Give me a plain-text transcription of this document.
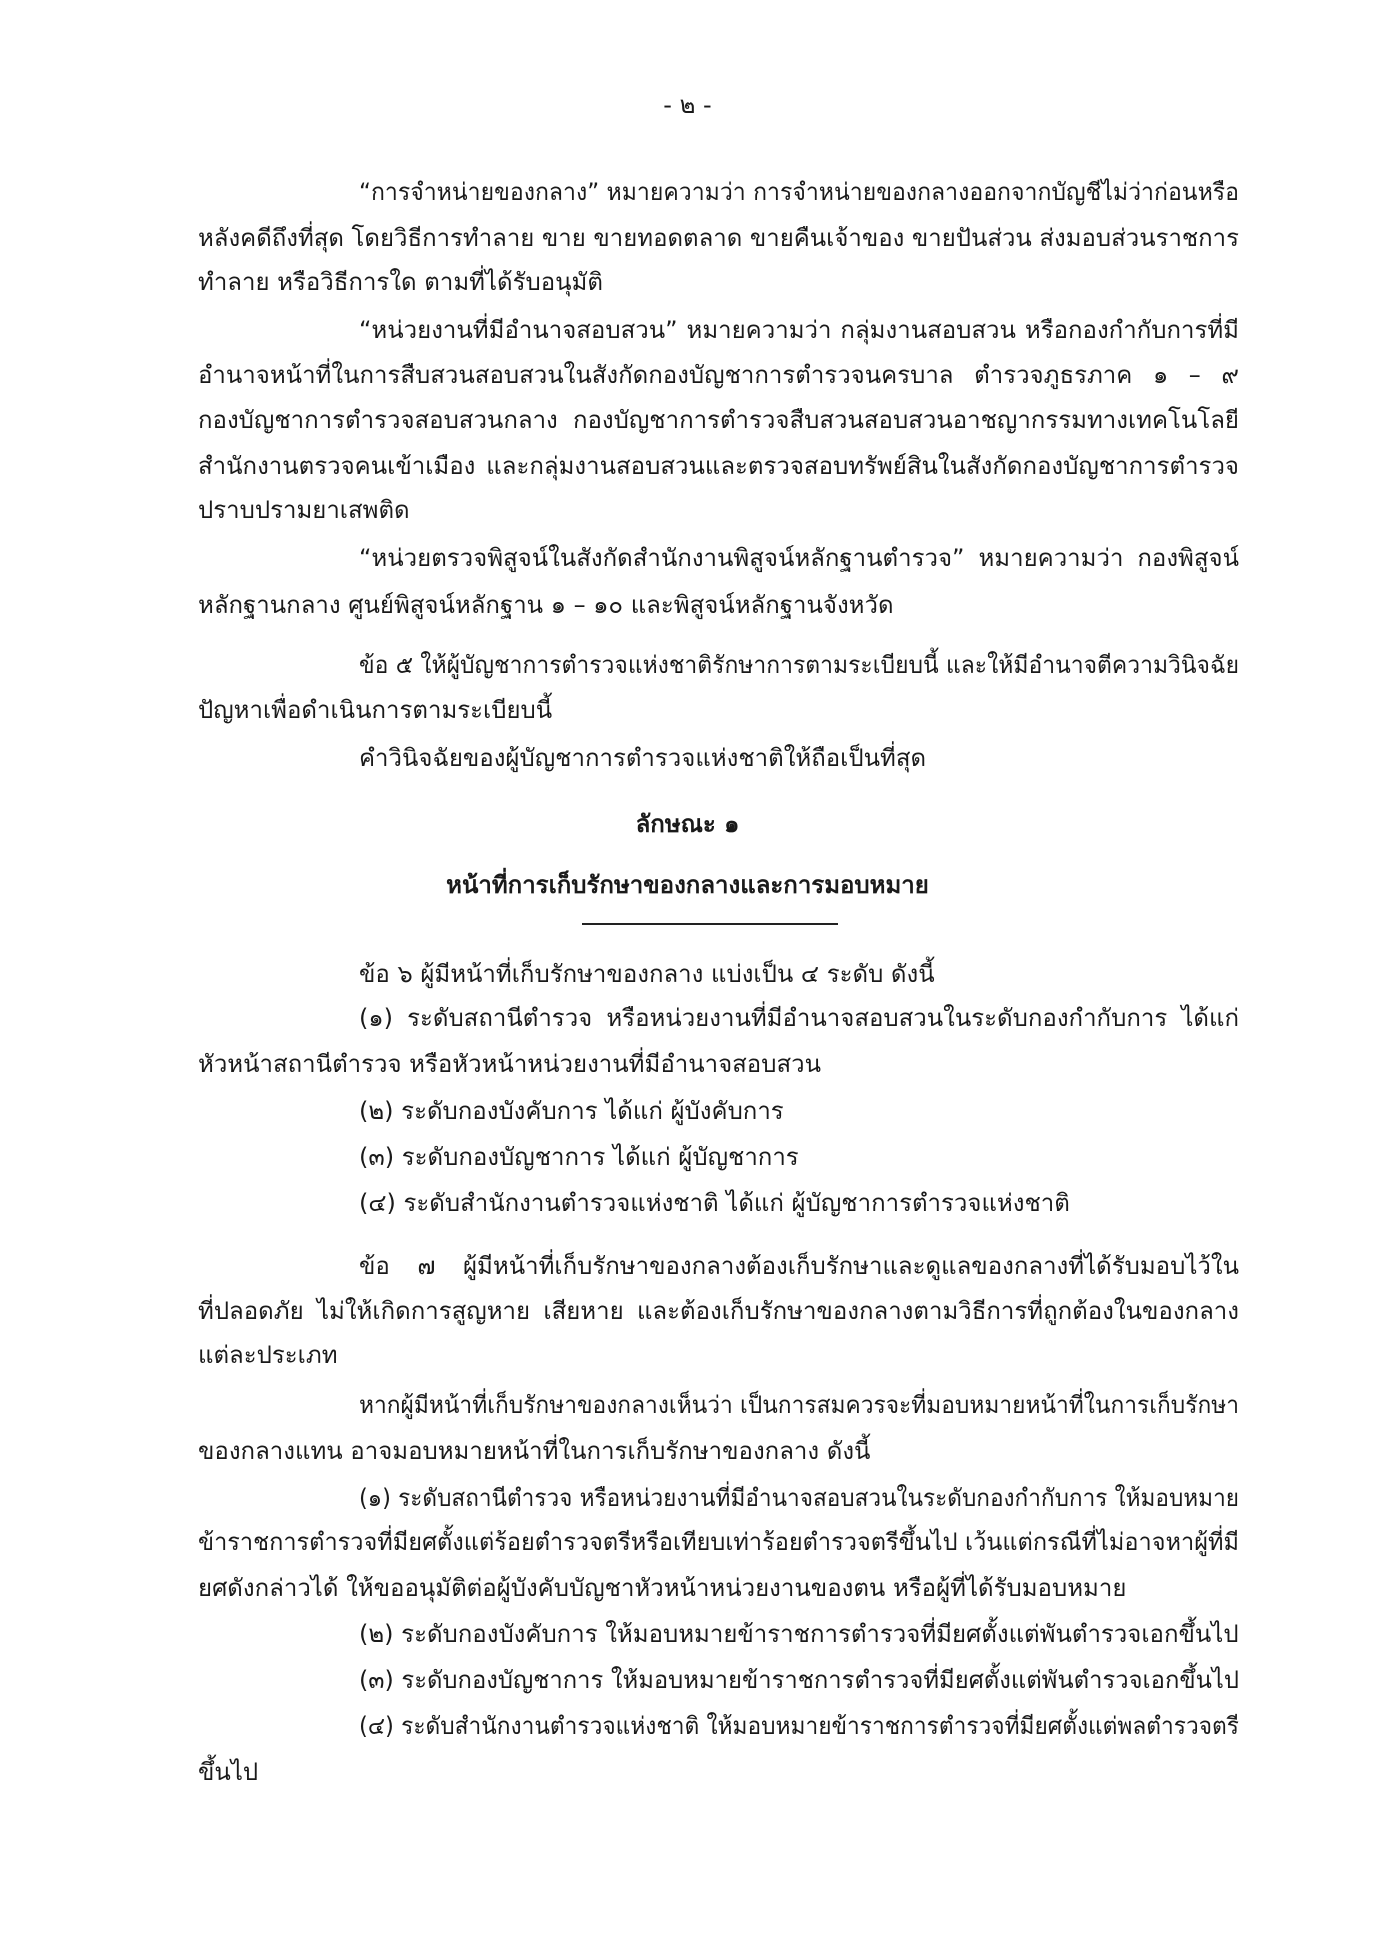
- ๒ -
“การจำหน่ายของกลาง” หมายความว่า การจำหน่ายของกลางออกจากบัญชีไม่ว่าก่อนหรือ
หลังคดีถึงที่สุด โดยวิธีการทำลาย ขาย ขายทอดตลาด ขายคืนเจ้าของ ขายปันส่วน ส่งมอบส่วนราชการ
ทำลาย หรือวิธีการใด ตามที่ได้รับอนุมัติ
“หน่วยงานที่มีอำนาจสอบสวน” หมายความว่า กลุ่มงานสอบสวน หรือกองกำกับการที่มี
อำนาจหน้าที่ในการสืบสวนสอบสวนในสังกัดกองบัญชาการตำรวจนครบาล ตำรวจภูธรภาค ๑ – ๙
กองบัญชาการตำรวจสอบสวนกลาง กองบัญชาการตำรวจสืบสวนสอบสวนอาชญากรรมทางเทคโนโลยี
สำนักงานตรวจคนเข้าเมือง และกลุ่มงานสอบสวนและตรวจสอบทรัพย์สินในสังกัดกองบัญชาการตำรวจ
ปราบปรามยาเสพติด
“หน่วยตรวจพิสูจน์ในสังกัดสำนักงานพิสูจน์หลักฐานตำรวจ” หมายความว่า กองพิสูจน์
หลักฐานกลาง ศูนย์พิสูจน์หลักฐาน ๑ – ๑๐ และพิสูจน์หลักฐานจังหวัด
ข้อ ๕ ให้ผู้บัญชาการตำรวจแห่งชาติรักษาการตามระเบียบนี้ และให้มีอำนาจตีความวินิจฉัย
ปัญหาเพื่อดำเนินการตามระเบียบนี้
คำวินิจฉัยของผู้บัญชาการตำรวจแห่งชาติให้ถือเป็นที่สุด
ลักษณะ ๑
หน้าที่การเก็บรักษาของกลางและการมอบหมาย
ข้อ ๖ ผู้มีหน้าที่เก็บรักษาของกลาง แบ่งเป็น ๔ ระดับ ดังนี้
(๑) ระดับสถานีตำรวจ หรือหน่วยงานที่มีอำนาจสอบสวนในระดับกองกำกับการ ได้แก่
หัวหน้าสถานีตำรวจ หรือหัวหน้าหน่วยงานที่มีอำนาจสอบสวน
(๒) ระดับกองบังคับการ ได้แก่ ผู้บังคับการ
(๓) ระดับกองบัญชาการ ได้แก่ ผู้บัญชาการ
(๔) ระดับสำนักงานตำรวจแห่งชาติ ได้แก่ ผู้บัญชาการตำรวจแห่งชาติ
ข้อ ๗ ผู้มีหน้าที่เก็บรักษาของกลางต้องเก็บรักษาและดูแลของกลางที่ได้รับมอบไว้ใน
ที่ปลอดภัย ไม่ให้เกิดการสูญหาย เสียหาย และต้องเก็บรักษาของกลางตามวิธีการที่ถูกต้องในของกลาง
แต่ละประเภท
หากผู้มีหน้าที่เก็บรักษาของกลางเห็นว่า เป็นการสมควรจะที่มอบหมายหน้าที่ในการเก็บรักษา
ของกลางแทน อาจมอบหมายหน้าที่ในการเก็บรักษาของกลาง ดังนี้
(๑) ระดับสถานีตำรวจ หรือหน่วยงานที่มีอำนาจสอบสวนในระดับกองกำกับการ ให้มอบหมาย
ข้าราชการตำรวจที่มียศตั้งแต่ร้อยตำรวจตรีหรือเทียบเท่าร้อยตำรวจตรีขึ้นไป เว้นแต่กรณีที่ไม่อาจหาผู้ที่มี
ยศดังกล่าวได้ ให้ขออนุมัติต่อผู้บังคับบัญชาหัวหน้าหน่วยงานของตน หรือผู้ที่ได้รับมอบหมาย
(๒) ระดับกองบังคับการ ให้มอบหมายข้าราชการตำรวจที่มียศตั้งแต่พันตำรวจเอกขึ้นไป
(๓) ระดับกองบัญชาการ ให้มอบหมายข้าราชการตำรวจที่มียศตั้งแต่พันตำรวจเอกขึ้นไป
(๔) ระดับสำนักงานตำรวจแห่งชาติ ให้มอบหมายข้าราชการตำรวจที่มียศตั้งแต่พลตำรวจตรี
ขึ้นไป
